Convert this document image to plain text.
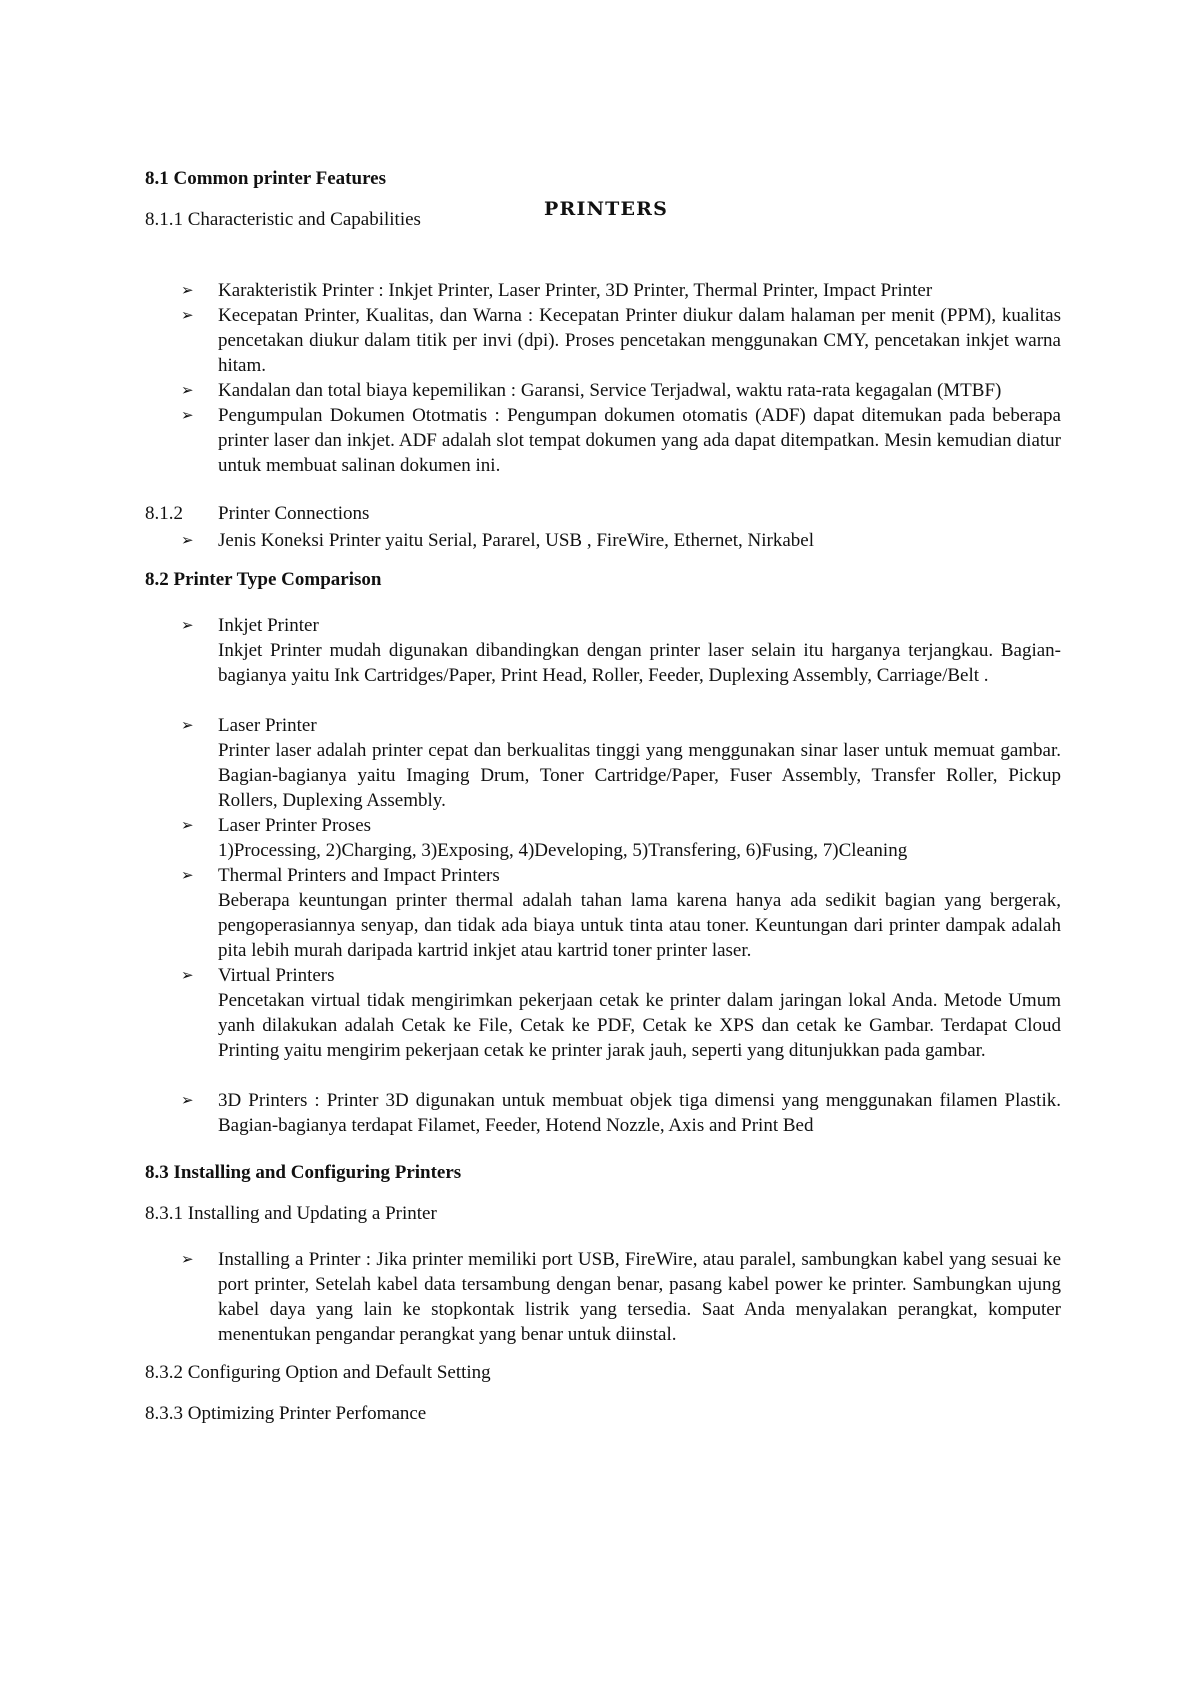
8.1 Common printer Features
8.1.1 Characteristic and Capabilities	PRINTERS
➢ Karakteristik Printer : Inkjet Printer, Laser Printer, 3D Printer, Thermal Printer, Impact Printer
➢ Kecepatan Printer, Kualitas, dan Warna : Kecepatan Printer diukur dalam halaman per menit (PPM), kualitas pencetakan diukur dalam titik per invi (dpi). Proses pencetakan menggunakan CMY, pencetakan inkjet warna hitam.
➢ Kandalan dan total biaya kepemilikan : Garansi, Service Terjadwal, waktu rata-rata kegagalan (MTBF)
➢ Pengumpulan Dokumen Ototmatis : Pengumpan dokumen otomatis (ADF) dapat ditemukan pada beberapa printer laser dan inkjet. ADF adalah slot tempat dokumen yang ada dapat ditempatkan. Mesin kemudian diatur untuk membuat salinan dokumen ini.
8.1.2 Printer Connections
➢ Jenis Koneksi Printer yaitu Serial, Pararel, USB , FireWire, Ethernet, Nirkabel
8.2 Printer Type Comparison
➢ Inkjet Printer
Inkjet Printer mudah digunakan dibandingkan dengan printer laser selain itu harganya terjangkau. Bagian-bagianya yaitu Ink Cartridges/Paper, Print Head, Roller, Feeder, Duplexing Assembly, Carriage/Belt .
➢ Laser Printer
Printer laser adalah printer cepat dan berkualitas tinggi yang menggunakan sinar laser untuk memuat gambar. Bagian-bagianya yaitu Imaging Drum, Toner Cartridge/Paper, Fuser Assembly, Transfer Roller, Pickup Rollers, Duplexing Assembly.
➢ Laser Printer Proses
1)Processing, 2)Charging, 3)Exposing, 4)Developing, 5)Transfering, 6)Fusing, 7)Cleaning
➢ Thermal Printers and Impact Printers
Beberapa keuntungan printer thermal adalah tahan lama karena hanya ada sedikit bagian yang bergerak, pengoperasiannya senyap, dan tidak ada biaya untuk tinta atau toner. Keuntungan dari printer dampak adalah pita lebih murah daripada kartrid inkjet atau kartrid toner printer laser.
➢ Virtual Printers
Pencetakan virtual tidak mengirimkan pekerjaan cetak ke printer dalam jaringan lokal Anda. Metode Umum yanh dilakukan adalah Cetak ke File, Cetak ke PDF, Cetak ke XPS dan cetak ke Gambar. Terdapat Cloud Printing yaitu mengirim pekerjaan cetak ke printer jarak jauh, seperti yang ditunjukkan pada gambar.
➢ 3D Printers : Printer 3D digunakan untuk membuat objek tiga dimensi yang menggunakan filamen Plastik. Bagian-bagianya terdapat Filamet, Feeder, Hotend Nozzle, Axis and Print Bed
8.3 Installing and Configuring Printers
8.3.1 Installing and Updating a Printer
➢ Installing a Printer : Jika printer memiliki port USB, FireWire, atau paralel, sambungkan kabel yang sesuai ke port printer, Setelah kabel data tersambung dengan benar, pasang kabel power ke printer. Sambungkan ujung kabel daya yang lain ke stopkontak listrik yang tersedia. Saat Anda menyalakan perangkat, komputer menentukan pengandar perangkat yang benar untuk diinstal.
8.3.2 Configuring Option and Default Setting
8.3.3 Optimizing Printer Perfomance
